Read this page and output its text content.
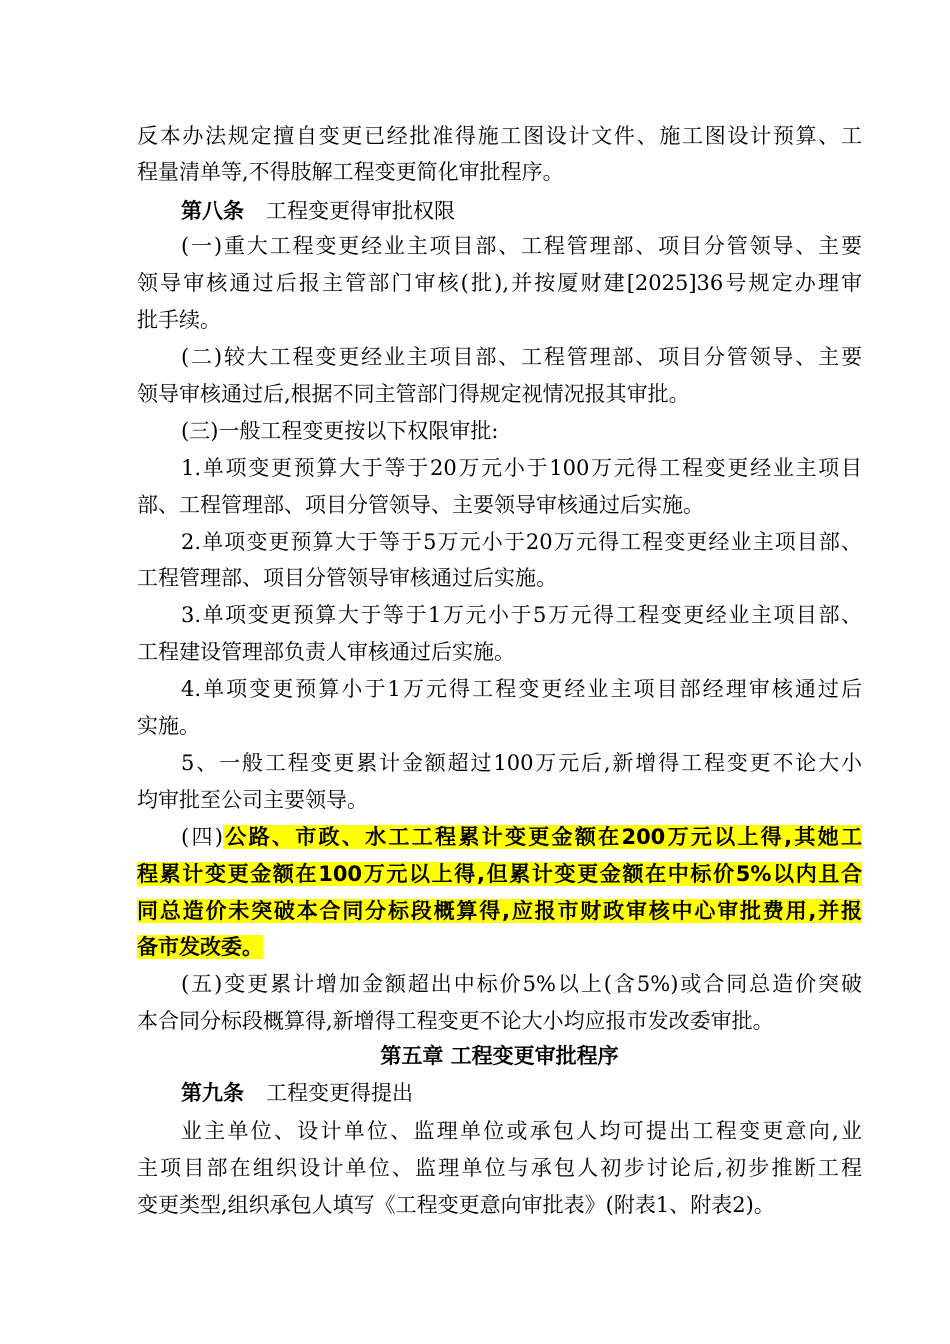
反本办法规定擅自变更已经批准得施工图设计文件、施工图设计预算、工
程量清单等,不得肢解工程变更简化审批程序。
第八条 工程变更得审批权限
(一)重大工程变更经业主项目部、工程管理部、项目分管领导、主要
领导审核通过后报主管部门审核(批),并按厦财建[2025]36号规定办理审
批手续。
(二)较大工程变更经业主项目部、工程管理部、项目分管领导、主要
领导审核通过后,根据不同主管部门得规定视情况报其审批。
(三)一般工程变更按以下权限审批:
1.单项变更预算大于等于20万元小于100万元得工程变更经业主项目
部、工程管理部、项目分管领导、主要领导审核通过后实施。
2.单项变更预算大于等于5万元小于20万元得工程变更经业主项目部、
工程管理部、项目分管领导审核通过后实施。
3.单项变更预算大于等于1万元小于5万元得工程变更经业主项目部、
工程建设管理部负责人审核通过后实施。
4.单项变更预算小于1万元得工程变更经业主项目部经理审核通过后
实施。
5、一般工程变更累计金额超过100万元后,新增得工程变更不论大小
均审批至公司主要领导。
(四)公路、市政、水工工程累计变更金额在200万元以上得,其她工
程累计变更金额在100万元以上得,但累计变更金额在中标价5%以内且合
同总造价未突破本合同分标段概算得,应报市财政审核中心审批费用,并报
备市发改委。
(五)变更累计增加金额超出中标价5%以上(含5%)或合同总造价突破
本合同分标段概算得,新增得工程变更不论大小均应报市发改委审批。
第五章 工程变更审批程序
第九条 工程变更得提出
业主单位、设计单位、监理单位或承包人均可提出工程变更意向,业
主项目部在组织设计单位、监理单位与承包人初步讨论后,初步推断工程
变更类型,组织承包人填写《工程变更意向审批表》(附表1、附表2)。
